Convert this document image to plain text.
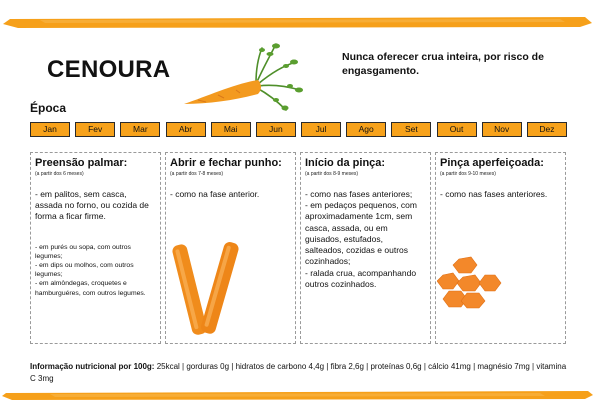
CENOURA	Nunca oferecer crua inteira, por risco de engasgamento.
Época
Jan	Fev	Mar	Abr	Mai	Jun	Jul	Ago	Set	Out	Nov	Dez
Preensão palmar:
(a partir dos 6 meses)
- em palitos, sem casca, assada no forno, ou cozida de forma a ficar firme.
- em purés ou sopa, com outros legumes;
- em dips ou molhos, com outros legumes;
- em almôndegas, croquetes e hamburguéres, com outros legumes.
Abrir e fechar punho:
(a partir dos 7-8 meses)
- como na fase anterior.
Início da pinça:
(a partir dos 8-9 meses)
- como nas fases anteriores;
- em pedaços pequenos, com aproximadamente 1cm, sem casca, assada, ou em guisados, estufados, salteados, cozidas e outros cozinhados;
- ralada crua, acompanhando outros cozinhados.
Pinça aperfeiçoada:
(a partir dos 9-10 meses)
- como nas fases anteriores.
Informação nutricional por 100g: 25kcal | gorduras 0g | hidratos de carbono 4,4g | fibra 2,6g | proteínas 0,6g | cálcio 41mg | magnésio 7mg | vitamina C 3mg
